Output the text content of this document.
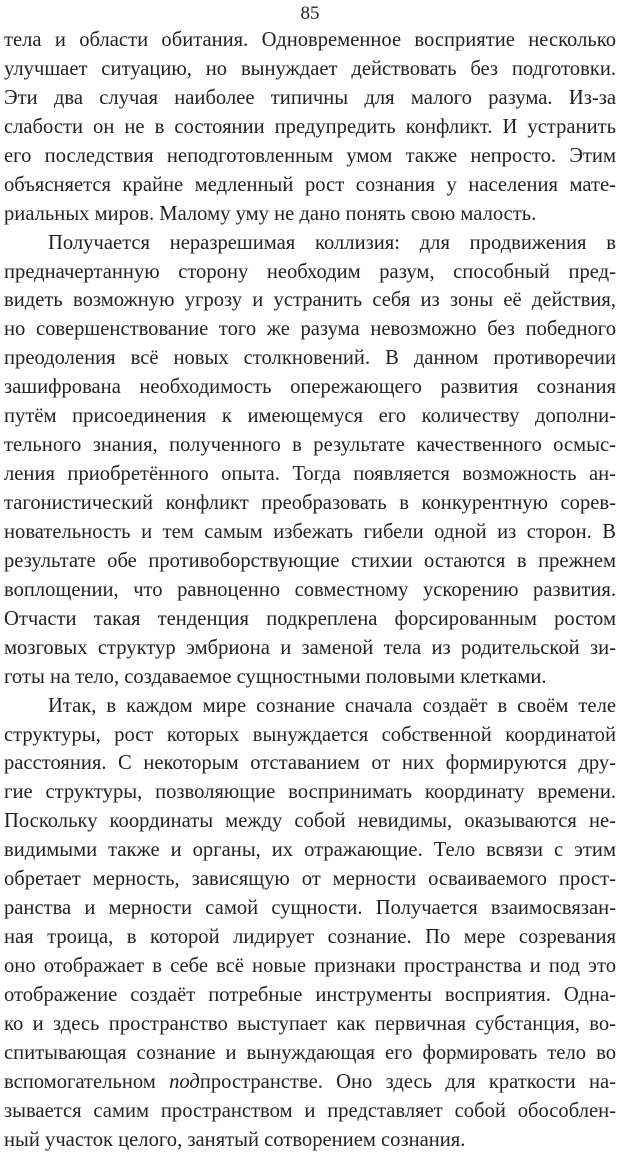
85
тела и области обитания. Одновременное восприятие несколько
улучшает ситуацию, но вынуждает действовать без подготовки.
Эти два случая наиболее типичны для малого разума. Из-за
слабости он не в состоянии предупредить конфликт. И устранить
его последствия неподготовленным умом также непросто. Этим
объясняется крайне медленный рост сознания у населения мате-
риальных миров. Малому уму не дано понять свою малость.
Получается неразрешимая коллизия: для продвижения в
предначертанную сторону необходим разум, способный пред-
видеть возможную угрозу и устранить себя из зоны её действия,
но совершенствование того же разума невозможно без победного
преодоления всё новых столкновений. В данном противоречии
зашифрована необходимость опережающего развития сознания
путём присоединения к имеющемуся его количеству дополни-
тельного знания, полученного в результате качественного осмыс-
ления приобретённого опыта. Тогда появляется возможность ан-
тагонистический конфликт преобразовать в конкурентную сорев-
новательность и тем самым избежать гибели одной из сторон. В
результате обе противоборствующие стихии остаются в прежнем
воплощении, что равноценно совместному ускорению развития.
Отчасти такая тенденция подкреплена форсированным ростом
мозговых структур эмбриона и заменой тела из родительской зи-
готы на тело, создаваемое сущностными половыми клетками.
Итак, в каждом мире сознание сначала создаёт в своём теле
структуры, рост которых вынуждается собственной координатой
расстояния. С некоторым отставанием от них формируются дру-
гие структуры, позволяющие воспринимать координату времени.
Поскольку координаты между собой невидимы, оказываются не-
видимыми также и органы, их отражающие. Тело всвязи с этим
обретает мерность, зависящую от мерности осваиваемого прост-
ранства и мерности самой сущности. Получается взаимосвязан-
ная троица, в которой лидирует сознание. По мере созревания
оно отображает в себе всё новые признаки пространства и под это
отображение создаёт потребные инструменты восприятия. Одна-
ко и здесь пространство выступает как первичная субстанция, во-
спитывающая сознание и вынуждающая его формировать тело во
вспомогательном подпространстве. Оно здесь для краткости на-
зывается самим пространством и представляет собой обособлен-
ный участок целого, занятый сотворением сознания.
